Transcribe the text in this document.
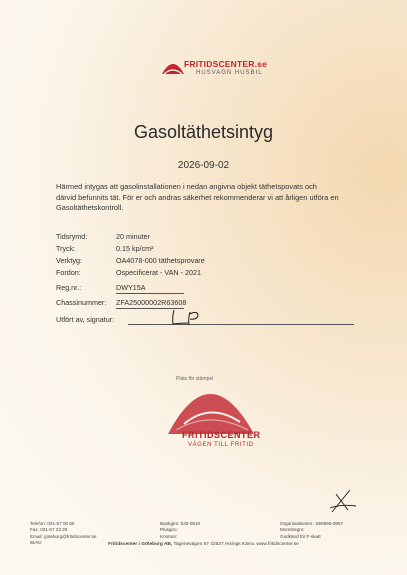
FRITIDSCENTER.se
HUSVAGN HUSBIL
Gasoltäthetsintyg
2026-09-02
Härmed intygas att gasolinstallationen i nedan angivna objekt täthetspovats och
därvid befunnits tät. För er och andras säkerhet rekommenderar vi att årligen utföra en
Gasoltäthetskontroll.
Tidsrymd:	20 minuter
Tryck:	0.15 kp/cm²
Verktyg:	OA4078-000 täthetsprovare
Fordon:	Ospecificerat - VAN - 2021
Reg.nr.:	DWY15A
Chassinummer: ZFA25000002R63608
Utfört av, signatur:
Plats för stämpel
FRITIDSCENTER
VÄGEN TILL FRITID
Telefon: 031-57 00 60
Fax: 031-57 23 30
Email: goteborg@fritidscenter.se
IBAN:
Bankgiro: 533-0816
Plusgiro:
Kontonr:
Organisationsnr.: 556955-0857
Momsregnr:
Godkänd för F-skatt
Fritidscenter i Göteborg AB, Tagenevägen 57 42537 Hisings Kärra. www.fritidscenter.se
